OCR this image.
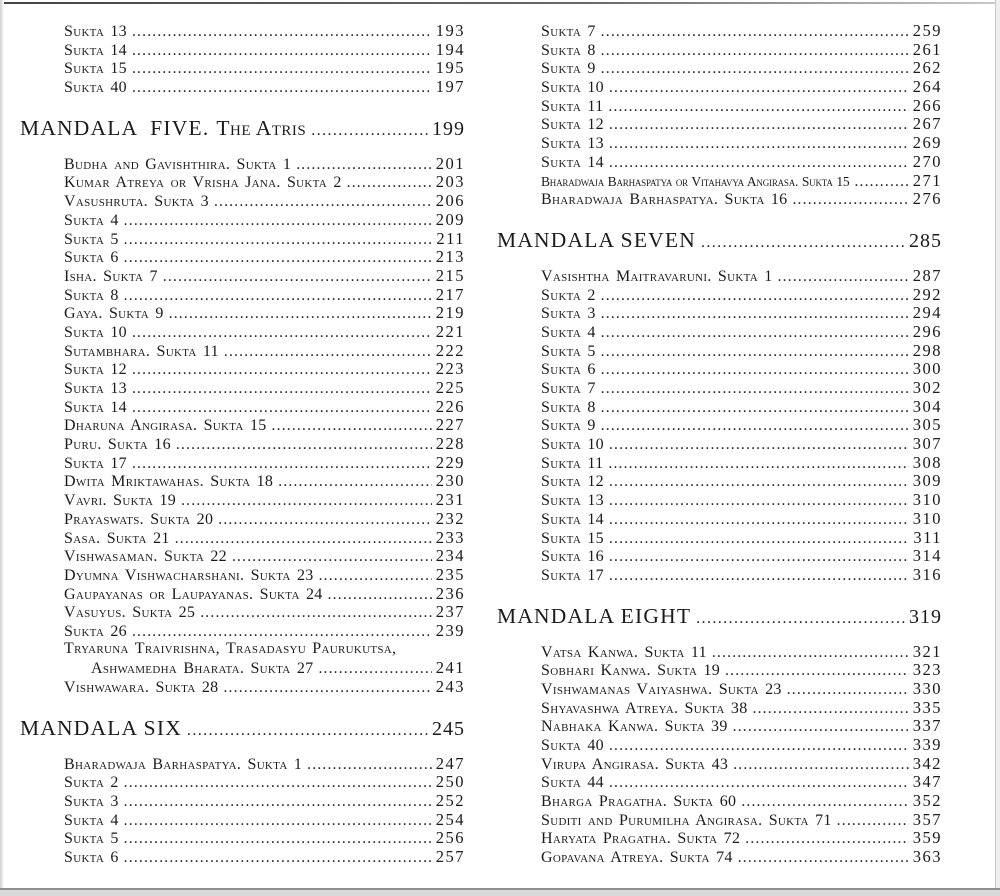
Sukta 13 .....	193
Sukta 14 .....	194
Sukta 15 .....	195
Sukta 40 .....	197
MANDALA  FIVE. The Atris .....	199
Budha and Gavishthira. Sukta 1 .....	201
Kumar Atreya or Vrisha Jana. Sukta 2 .....	203
Vasushruta. Sukta 3 .....	206
Sukta 4 .....	209
Sukta 5 .....	211
Sukta 6 .....	213
Isha. Sukta 7 .....	215
Sukta 8 .....	217
Gaya. Sukta 9 .....	219
Sukta 10 .....	221
Sutambhara. Sukta 11 .....	222
Sukta 12 .....	223
Sukta 13 .....	225
Sukta 14 .....	226
Dharuna Angirasa. Sukta 15 .....	227
Puru. Sukta 16 .....	228
Sukta 17 .....	229
Dwita Mriktawahas. Sukta 18 .....	230
Vavri. Sukta 19 .....	231
Prayaswats. Sukta 20 .....	232
Sasa. Sukta 21 .....	233
Vishwasaman. Sukta 22 .....	234
Dyumna Vishwacharshani. Sukta 23 .....	235
Gaupayanas or Laupayanas. Sukta 24 .....	236
Vasuyus. Sukta 25 .....	237
Sukta 26 .....	239
Tryaruna Traivrishna, Trasadasyu Paurukutsa,
Ashwamedha Bharata. Sukta 27 .....	241
Vishwawara. Sukta 28 .....	243
MANDALA SIX .....	245
Bharadwaja Barhaspatya. Sukta 1 .....	247
Sukta 2 .....	250
Sukta 3 .....	252
Sukta 4 .....	254
Sukta 5 .....	256
Sukta 6 .....	257
Sukta 7 .....	259
Sukta 8 .....	261
Sukta 9 .....	262
Sukta 10 .....	264
Sukta 11 .....	266
Sukta 12 .....	267
Sukta 13 .....	269
Sukta 14 .....	270
Bharadwaja Barhaspatya or Vitahavya Angirasa. Sukta 15 .....	271
Bharadwaja Barhaspatya. Sukta 16 .....	276
MANDALA SEVEN .....	285
Vasishtha Maitravaruni. Sukta 1 .....	287
Sukta 2 .....	292
Sukta 3 .....	294
Sukta 4 .....	296
Sukta 5 .....	298
Sukta 6 .....	300
Sukta 7 .....	302
Sukta 8 .....	304
Sukta 9 .....	305
Sukta 10 .....	307
Sukta 11 .....	308
Sukta 12 .....	309
Sukta 13 .....	310
Sukta 14 .....	310
Sukta 15 .....	311
Sukta 16 .....	314
Sukta 17 .....	316
MANDALA EIGHT .....	319
Vatsa Kanwa. Sukta 11 .....	321
Sobhari Kanwa. Sukta 19 .....	323
Vishwamanas Vaiyashwa. Sukta 23 .....	330
Shyavashwa Atreya. Sukta 38 .....	335
Nabhaka Kanwa. Sukta 39 .....	337
Sukta 40 .....	339
Virupa Angirasa. Sukta 43 .....	342
Sukta 44 .....	347
Bharga Pragatha. Sukta 60 .....	352
Suditi and Purumilha Angirasa. Sukta 71 .....	357
Haryata Pragatha. Sukta 72 .....	359
Gopavana Atreya. Sukta 74 .....	363
